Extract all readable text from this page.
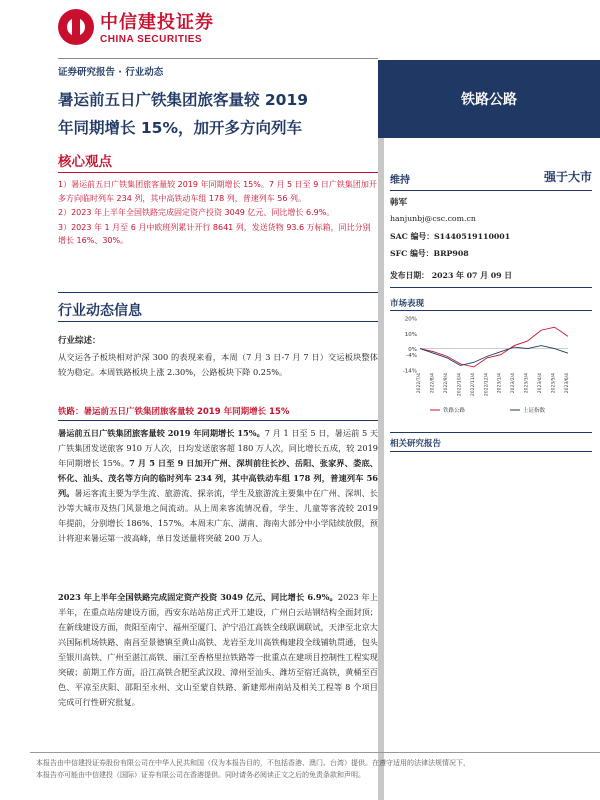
中信建投证券
CHINA SECURITIES
证券研究报告 · 行业动态
暑运前五日广铁集团旅客量较 2019
年同期增长 15%，加开多方向列车
核心观点

1）暑运前五日广铁集团旅客量较 2019 年同期增长 15%。7 月 5 日至 9 日广铁集团加开多方向临时列车 234 列，其中高铁动车组 178 列，普速列车 56 列。

2）2023 年上半年全国铁路完成固定资产投资 3049 亿元、同比增长 6.9%。

3）2023 年 1 月至 6 月中欧班列累计开行 8641 列，发送货物 93.6 万标箱，同比分别增长 16%、30%。

行业动态信息
行业综述：
从交运各子板块相对沪深 300 的表现来看，本周（7 月 3 日-7 月 7 日）交运板块整体较为稳定。本周铁路板块上涨 2.30%，公路板块下降 0.25%。
铁路：暑运前五日广铁集团旅客量较 2019 年同期增长 15%
暑运前五日广铁集团旅客量较 2019 年同期增长 15%。7 月 1 日至 5 日，暑运前 5 天广铁集团发送旅客 910 万人次，日均发送旅客超 180 万人次，同比增长五成，较 2019 年同期增长 15%。7 月 5 日至 9 日加开广州、深圳前往长沙、岳阳、张家界、娄底、怀化、汕头、茂名等方向的临时列车 234 列，其中高铁动车组 178 列，普速列车 56 列。暑运客流主要为学生流、旅游流、探亲流，学生及旅游流主要集中在广州、深圳、长沙等大城市及热门风景地之间流动。从上周来客流情况看，学生、儿童等客流较 2019 年提前，分别增长 186%、157%。本周末广东、湖南、海南大部分中小学陆续放假，预计将迎来暑运第一波高峰，单日发送量将突破 200 万人。
2023 年上半年全国铁路完成固定资产投资 3049 亿元、同比增长 6.9%。2023 年上半年，在重点站房建设方面，西安东站站房正式开工建设，广州白云站钢结构全面封顶；在新线建设方面，贵阳至南宁、福州至厦门、沪宁沿江高铁全线联调联试，天津至北京大兴国际机场铁路、南昌至景德镇至黄山高铁、龙岩至龙川高铁梅建段全线铺轨贯通，包头至银川高铁、广州至湛江高铁、丽江至香格里拉铁路等一批重点在建项目控制性工程实现突破；前期工作方面，沿江高铁合肥至武汉段、漳州至汕头、潍坊至宿迁高铁，黄桶至百色、平凉至庆阳、邵阳至永州、文山至蒙自铁路、新建郑州南站及相关工程等 8 个项目完成可行性研究批复。
铁路公路
维持	强于大市
韩军
hanjunbj@csc.com.cn
SAC 编号：S1440519110001
SFC 编号：BRP908
发布日期： 2023 年 07 月 09 日
市场表现
20%
10%
0%
-4%
-14%
2022/7/4 2022/8/4 2022/9/4 2022/10/4 2022/11/4 2022/12/4 2023/1/4 2023/2/4 2023/3/4 2023/4/4 2023/5/4 2023/6/4
铁路公路	上证指数
相关研究报告
本报告由中信建投证券股份有限公司在中华人民共和国（仅为本报告目的，不包括香港、澳门、台湾）提供。在遵守适用的法律法规情况下，
本报告亦可能由中信建投（国际）证券有限公司在香港提供。同时请务必阅读正文之后的免责条款和声明。
